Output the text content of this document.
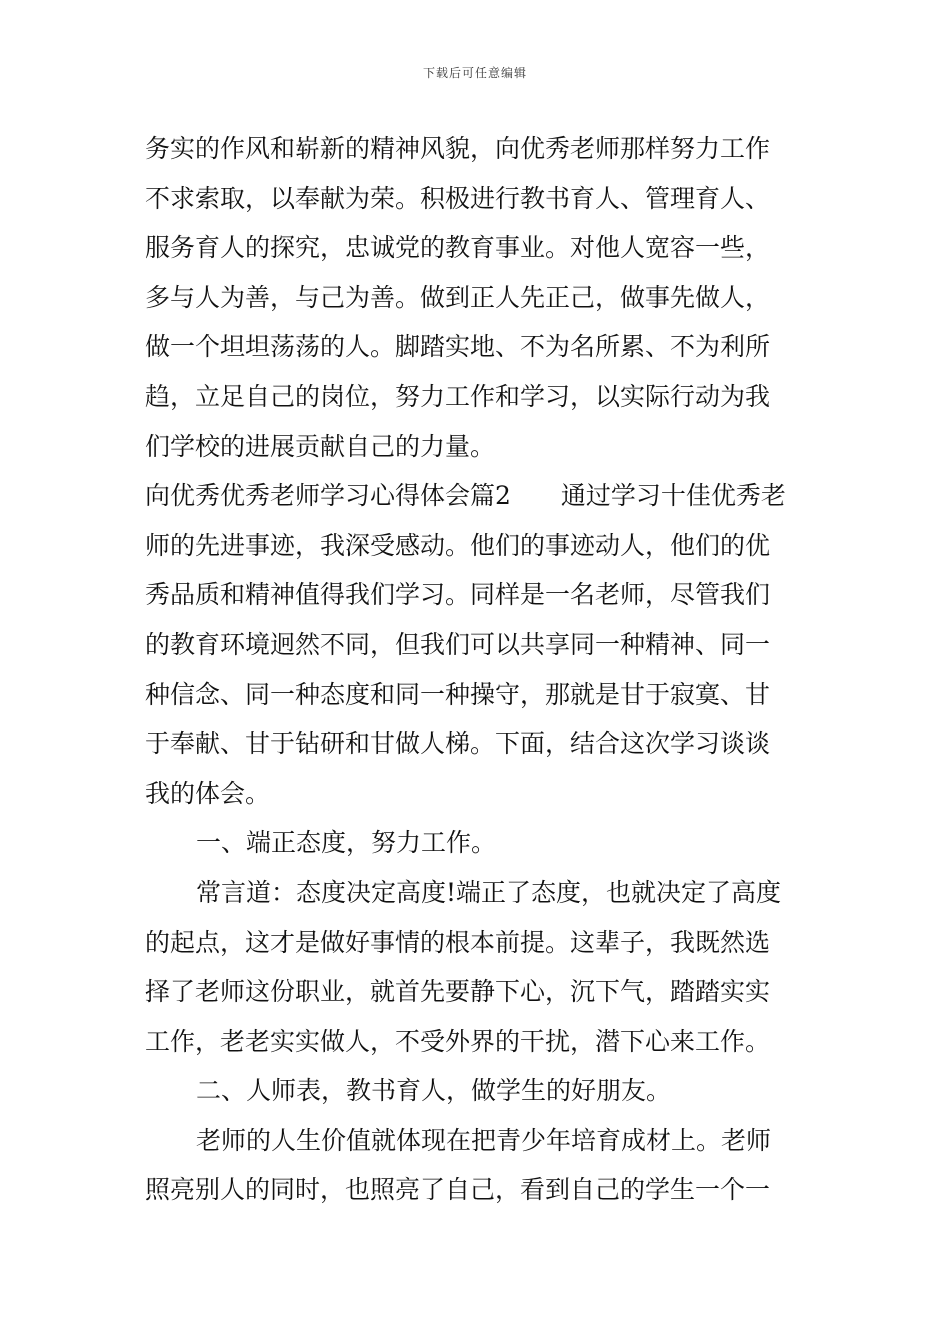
下载后可任意编辑
务实的作风和崭新的精神风貌，向优秀老师那样努力工作
不求索取，以奉献为荣。积极进行教书育人、管理育人、
服务育人的探究，忠诚党的教育事业。对他人宽容一些，
多与人为善，与己为善。做到正人先正己，做事先做人，
做一个坦坦荡荡的人。脚踏实地、不为名所累、不为利所
趋，立足自己的岗位，努力工作和学习，以实际行动为我
们学校的进展贡献自己的力量。
向优秀优秀老师学习心得体会篇2　　通过学习十佳优秀老
师的先进事迹，我深受感动。他们的事迹动人，他们的优
秀品质和精神值得我们学习。同样是一名老师，尽管我们
的教育环境迥然不同，但我们可以共享同一种精神、同一
种信念、同一种态度和同一种操守，那就是甘于寂寞、甘
于奉献、甘于钻研和甘做人梯。下面，结合这次学习谈谈
我的体会。
一、端正态度，努力工作。
常言道：态度决定高度!端正了态度，也就决定了高度
的起点，这才是做好事情的根本前提。这辈子，我既然选
择了老师这份职业，就首先要静下心，沉下气，踏踏实实
工作，老老实实做人，不受外界的干扰，潜下心来工作。
二、人师表，教书育人，做学生的好朋友。
老师的人生价值就体现在把青少年培育成材上。老师
照亮别人的同时，也照亮了自己，看到自己的学生一个一
